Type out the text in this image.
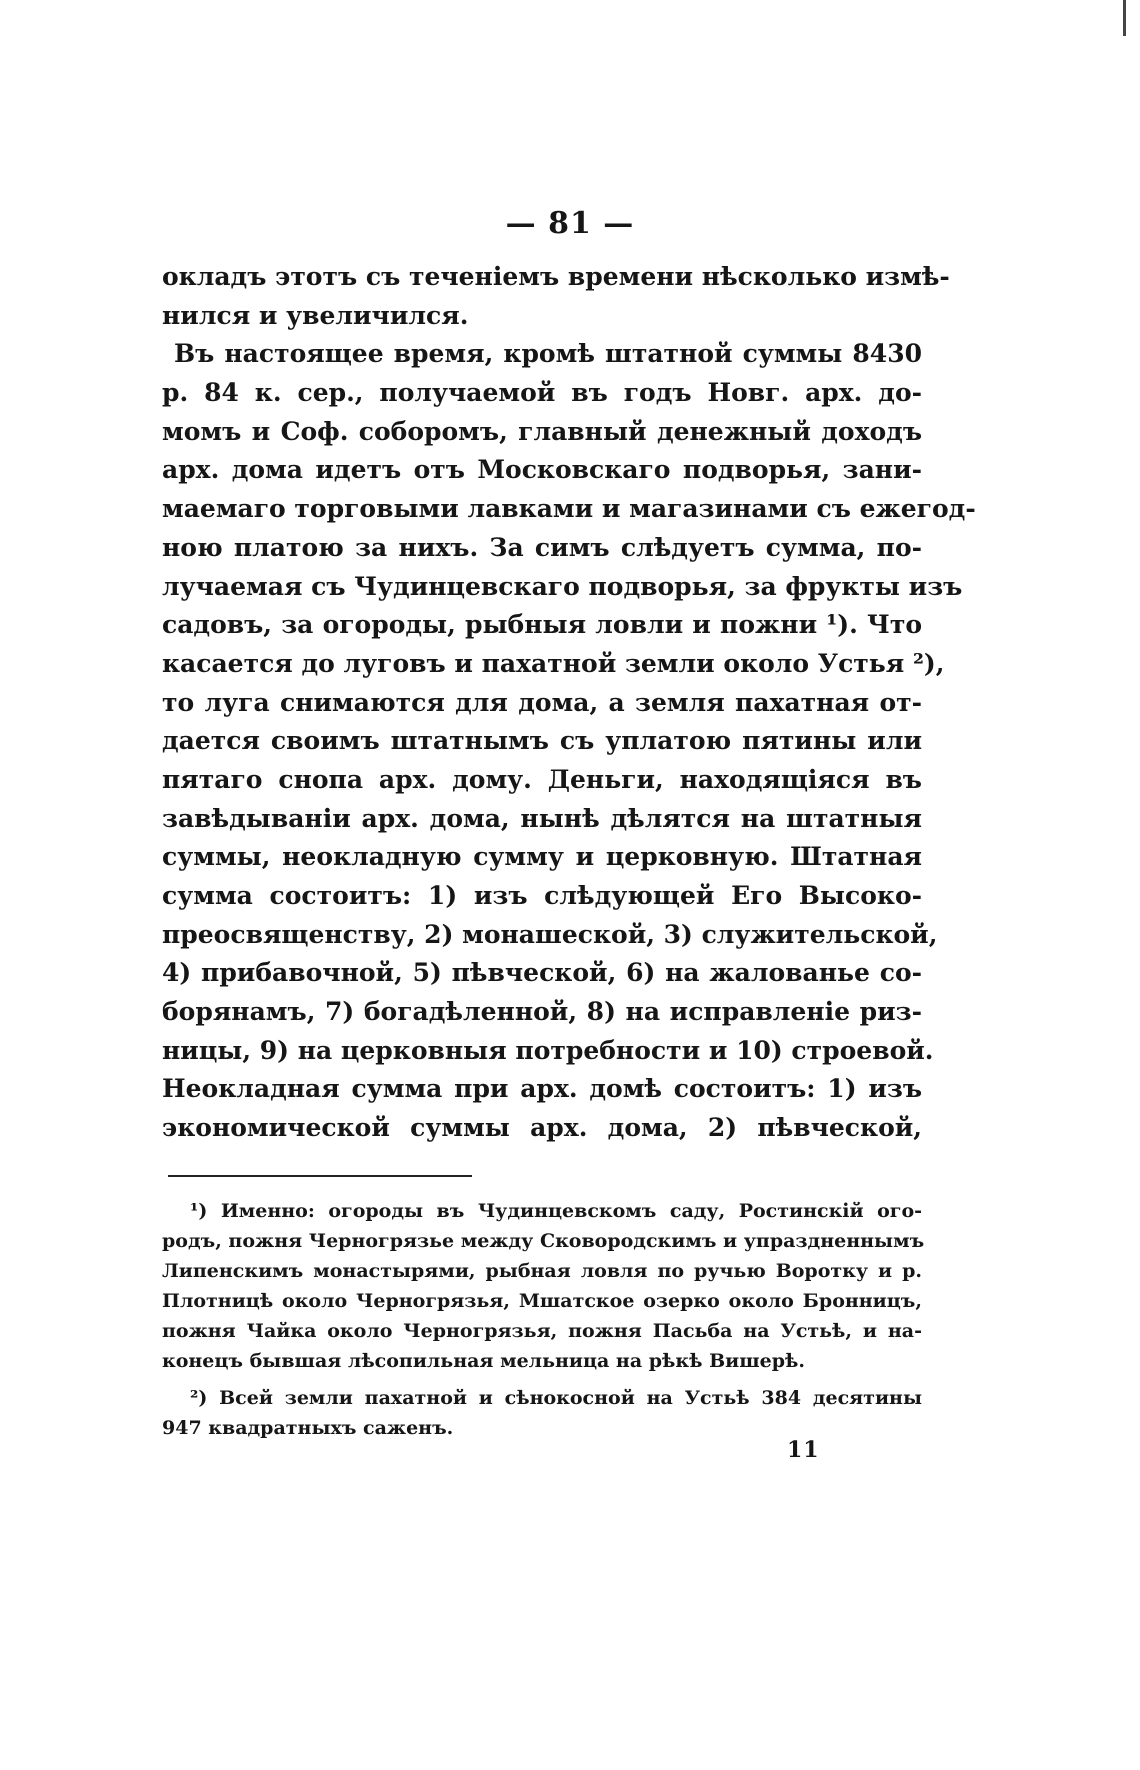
— 81 —
окладъ этотъ съ теченіемъ времени нѣсколько измѣ-
нился и увеличился.
Въ настоящее время, кромѣ штатной суммы 8430
р. 84 к. сер., получаемой въ годъ Новг. арх. до-
момъ и Соф. соборомъ, главный денежный доходъ
арх. дома идетъ отъ Московскаго подворья, зани-
маемаго торговыми лавками и магазинами съ ежегод-
ною платою за нихъ. За симъ слѣдуетъ сумма, по-
лучаемая съ Чудинцевскаго подворья, за фрукты изъ
садовъ, за огороды, рыбныя ловли и пожни ¹). Что
касается до луговъ и пахатной земли около Устья ²),
то луга снимаются для дома, а земля пахатная от-
дается своимъ штатнымъ съ уплатою пятины или
пятаго снопа арх. дому. Деньги, находящіяся въ
завѣдываніи арх. дома, нынѣ дѣлятся на штатныя
суммы, неокладную сумму и церковную. Штатная
сумма состоитъ: 1) изъ слѣдующей Его Высоко-
преосвященству, 2) монашеской, 3) служительской,
4) прибавочной, 5) пѣвческой, 6) на жалованье со-
борянамъ, 7) богадѣленной, 8) на исправленіе риз-
ницы, 9) на церковныя потребности и 10) строевой.
Неокладная сумма при арх. домѣ состоитъ: 1) изъ
экономической суммы арх. дома, 2) пѣвческой,
¹) Именно: огороды въ Чудинцевскомъ саду, Ростинскій ого-
родъ, пожня Черногрязье между Сковородскимъ и упраздненнымъ
Липенскимъ монастырями, рыбная ловля по ручью Воротку и р.
Плотницѣ около Черногрязья, Мшатское озерко около Бронницъ,
пожня Чайка около Черногрязья, пожня Пасьба на Устьѣ, и на-
конецъ бывшая лѣсопильная мельница на рѣкѣ Вишерѣ.
²) Всей земли пахатной и сѣнокосной на Устьѣ 384 десятины
947 квадратныхъ саженъ.
11
